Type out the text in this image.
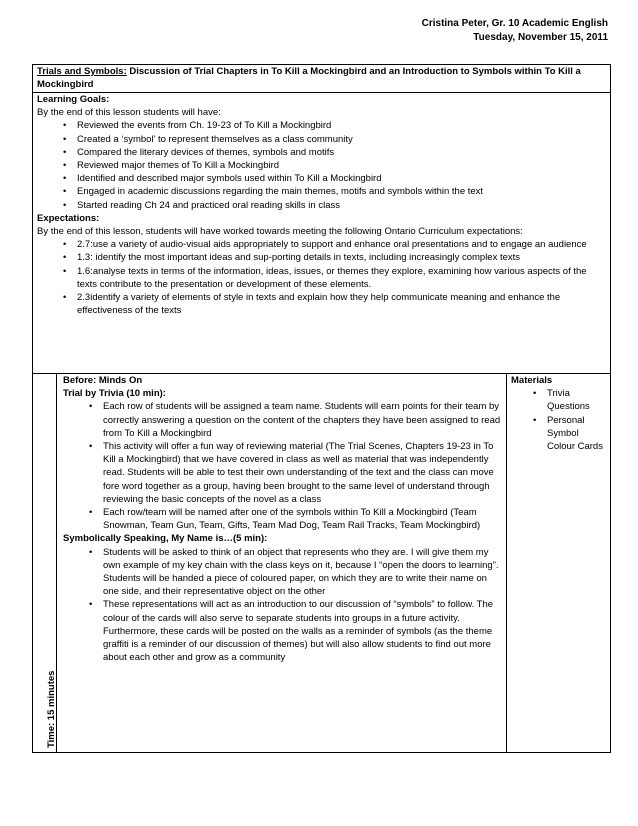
Cristina Peter, Gr. 10 Academic English
Tuesday, November 15, 2011
Trials and Symbols: Discussion of Trial Chapters in To Kill a Mockingbird and an Introduction to Symbols within To Kill a Mockingbird

Learning Goals:
By the end of this lesson students will have:
• Reviewed the events from Ch. 19-23 of To Kill a Mockingbird
• Created a ‘symbol’ to represent themselves as a class community
• Compared the literary devices of themes, symbols and motifs
• Reviewed major themes of To Kill a Mockingbird
• Identified and described major symbols used within To Kill a Mockingbird
• Engaged in academic discussions regarding the main themes, motifs and symbols within the text
• Started reading Ch 24 and practiced oral reading skills in class
Expectations:
By the end of this lesson, students will have worked towards meeting the following Ontario Curriculum expectations:
• 2.7:use a variety of audio-visual aids appropriately to support and enhance oral presentations and to engage an audience
• 1.3: identify the most important ideas and sup-porting details in texts, including increasingly complex texts
• 1.6:analyse texts in terms of the information, ideas, issues, or themes they explore, examining how various aspects of the texts contribute to the presentation or development of these elements.
• 2.3identify a variety of elements of style in texts and explain how they help communicate meaning and enhance the effectiveness of the texts

Time: 15 minutes

Before: Minds On
Trial by Trivia (10 min):
• Each row of students will be assigned a team name. Students will earn points for their team by correctly answering a question on the content of the chapters they have been assigned to read from To Kill a Mockingbird
• This activity will offer a fun way of reviewing material (The Trial Scenes, Chapters 19-23 in To Kill a Mockingbird) that we have covered in class as well as material that was independently read. Students will be able to test their own understanding of the text and the class can move fore word together as a group, having been brought to the same level of understand through reviewing the basic concepts of the novel as a class
• Each row/team will be named after one of the symbols within To Kill a Mockingbird (Team Snowman, Team Gun, Team, Gifts, Team Mad Dog, Team Rail Tracks, Team Mockingbird)
Symbolically Speaking, My Name is…(5 min):
• Students will be asked to think of an object that represents who they are. I will give them my own example of my key chain with the class keys on it, because I “open the doors to learning”. Students will be handed a piece of coloured paper, on which they are to write their name on one side, and their representative object on the other
• These representations will act as an introduction to our discussion of “symbols” to follow. The colour of the cards will also serve to separate students into groups in a future activity. Furthermore, these cards will be posted on the walls as a reminder of symbols (as the theme graffiti is a reminder of our discussion of themes) but will also allow students to find out more about each other and grow as a community

Materials
• Trivia Questions
• Personal Symbol Colour Cards
